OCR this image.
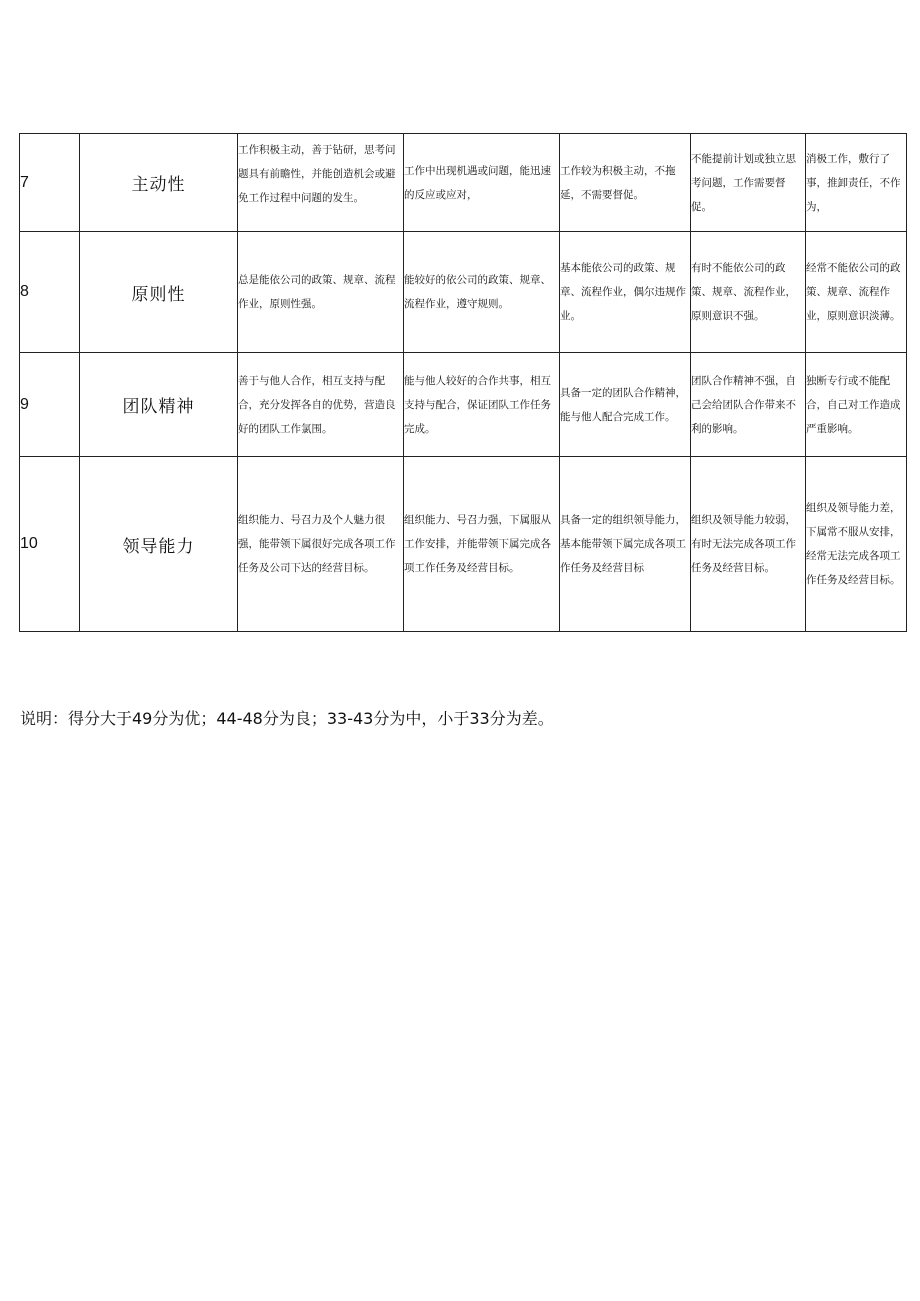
7	主动性	工作积极主动，善于钻研，思考问题具有前瞻性，并能创造机会或避免工作过程中问题的发生。	工作中出现机遇或问题，能迅速的反应或应对，	工作较为积极主动，不拖延，不需要督促。	不能提前计划或独立思考问题，工作需要督促。	消极工作，敷行了事，推卸责任，不作为，

8	原则性	总是能依公司的政策、规章、流程作业，原则性强。	能较好的依公司的政策、规章、流程作业，遵守规则。	基本能依公司的政策、规章、流程作业，偶尔违规作业。	有时不能依公司的政策、规章、流程作业，原则意识不强。	经常不能依公司的政策、规章、流程作业，原则意识淡薄。

9	团队精神	善于与他人合作，相互支持与配合，充分发挥各自的优势，营造良好的团队工作氯围。	能与他人较好的合作共事，相互支持与配合，保证团队工作任务完成。	具备一定的团队合作精神，能与他人配合完成工作。	团队合作精神不强，自己会给团队合作带来不利的影响。	独断专行或不能配合，自己对工作造成严重影响。

10	领导能力	组织能力、号召力及个人魅力很强，能带领下属很好完成各项工作任务及公司下达的经营目标。	组织能力、号召力强，下属服从工作安排，并能带领下属完成各项工作任务及经营目标。	具备一定的组织领导能力，基本能带领下属完成各项工作任务及经营目标	组织及领导能力较弱，有时无法完成各项工作任务及经营目标。	组织及领导能力差，下属常不服从安排，经常无法完成各项工作任务及经营目标。
说明：得分大于49分为优；44-48分为良；33-43分为中，小于33分为差。
